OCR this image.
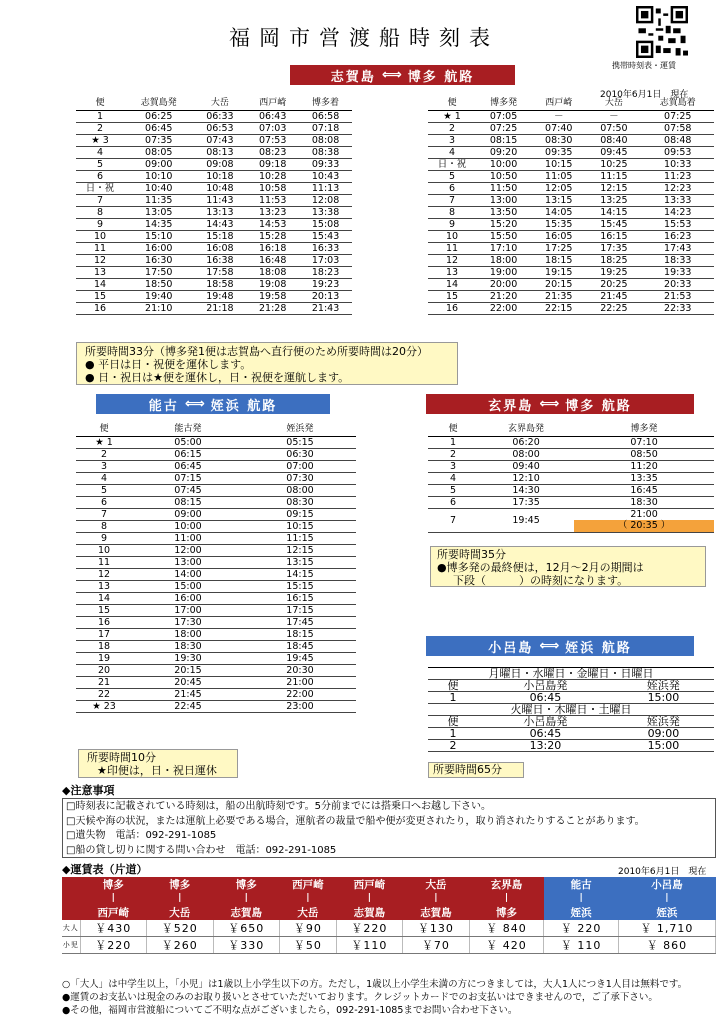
福岡市営渡船時刻表
携帯時刻表・運賃
志賀島 ⟺ 博多 航路
2010年6月1日　現在
便	志賀島発	大岳	西戸崎	博多着
1	06:25	06:33	06:43	06:58
2	06:45	06:53	07:03	07:18
★ 3	07:35	07:43	07:53	08:08
4	08:05	08:13	08:23	08:38
5	09:00	09:08	09:18	09:33
6	10:10	10:18	10:28	10:43
日・祝	10:40	10:48	10:58	11:13
7	11:35	11:43	11:53	12:08
8	13:05	13:13	13:23	13:38
9	14:35	14:43	14:53	15:08
10	15:10	15:18	15:28	15:43
11	16:00	16:08	16:18	16:33
12	16:30	16:38	16:48	17:03
13	17:50	17:58	18:08	18:23
14	18:50	18:58	19:08	19:23
15	19:40	19:48	19:58	20:13
16	21:10	21:18	21:28	21:43
便	博多発	西戸崎	大岳	志賀島着
★ 1	07:05	－	－	07:25
2	07:25	07:40	07:50	07:58
3	08:15	08:30	08:40	08:48
4	09:20	09:35	09:45	09:53
日・祝	10:00	10:15	10:25	10:33
5	10:50	11:05	11:15	11:23
6	11:50	12:05	12:15	12:23
7	13:00	13:15	13:25	13:33
8	13:50	14:05	14:15	14:23
9	15:20	15:35	15:45	15:53
10	15:50	16:05	16:15	16:23
11	17:10	17:25	17:35	17:43
12	18:00	18:15	18:25	18:33
13	19:00	19:15	19:25	19:33
14	20:00	20:15	20:25	20:33
15	21:20	21:35	21:45	21:53
16	22:00	22:15	22:25	22:33
所要時間33分（博多発1便は志賀島へ直行便のため所要時間は20分）
● 平日は日・祝便を運休します。
● 日・祝日は★便を運休し，日・祝便を運航します。
能古 ⟺ 姪浜 航路
便	能古発	姪浜発
★ 1	05:00	05:15
2	06:15	06:30
3	06:45	07:00
4	07:15	07:30
5	07:45	08:00
6	08:15	08:30
7	09:00	09:15
8	10:00	10:15
9	11:00	11:15
10	12:00	12:15
11	13:00	13:15
12	14:00	14:15
13	15:00	15:15
14	16:00	16:15
15	17:00	17:15
16	17:30	17:45
17	18:00	18:15
18	18:30	18:45
19	19:30	19:45
20	20:15	20:30
21	20:45	21:00
22	21:45	22:00
★ 23	22:45	23:00
所要時間10分
★印便は，日・祝日運休
玄界島 ⟺ 博多 航路
便	玄界島発	博多発
1	06:20	07:10
2	08:00	08:50
3	09:40	11:20
4	12:10	13:35
5	14:30	16:45
6	17:35	18:30
7	19:45	21:00
		（ 20:35 ）
所要時間35分
●博多発の最終便は，12月～2月の期間は
下段（　　　）の時刻になります。
小呂島 ⟺ 姪浜 航路
月曜日・水曜日・金曜日・日曜日		
便	小呂島発	姪浜発
1	06:45	15:00
火曜日・木曜日・土曜日		
便	小呂島発	姪浜発
1	06:45	09:00
2	13:20	15:00
所要時間65分
◆注意事項
□時刻表に記載されている時刻は，船の出航時刻です。5分前までには搭乗口へお越し下さい。
□天候や海の状況，または運航上必要である場合，運航者の裁量で船や便が変更されたり，取り消されたりすることがあります。
□遺失物　電話：092-291-1085
□船の貸し切りに関する問い合わせ　電話：092-291-1085
◆運賃表（片道）	2010年6月1日　現在
	博多	博多	博多	西戸崎	西戸崎	大岳	玄界島	能古	小呂島
	|	|	|	|	|	|	|	|	|
	西戸崎	大岳	志賀島	大岳	志賀島	志賀島	博多	姪浜	姪浜
大人	￥430	￥520	￥650	￥90	￥220	￥130	￥ 840	￥ 220	￥ 1,710
小児	￥220	￥260	￥330	￥50	￥110	￥70	￥ 420	￥ 110	￥ 860
○「大人」は中学生以上，「小児」は1歳以上小学生以下の方。ただし，1歳以上小学生未満の方につきましては，大人1人につき1人目は無料です。
●運賃のお支払いは現金のみのお取り扱いとさせていただいております。クレジットカードでのお支払いはできませんので，ご了承下さい。
●その他，福岡市営渡船についてご不明な点がございましたら，092-291-1085までお問い合わせ下さい。
